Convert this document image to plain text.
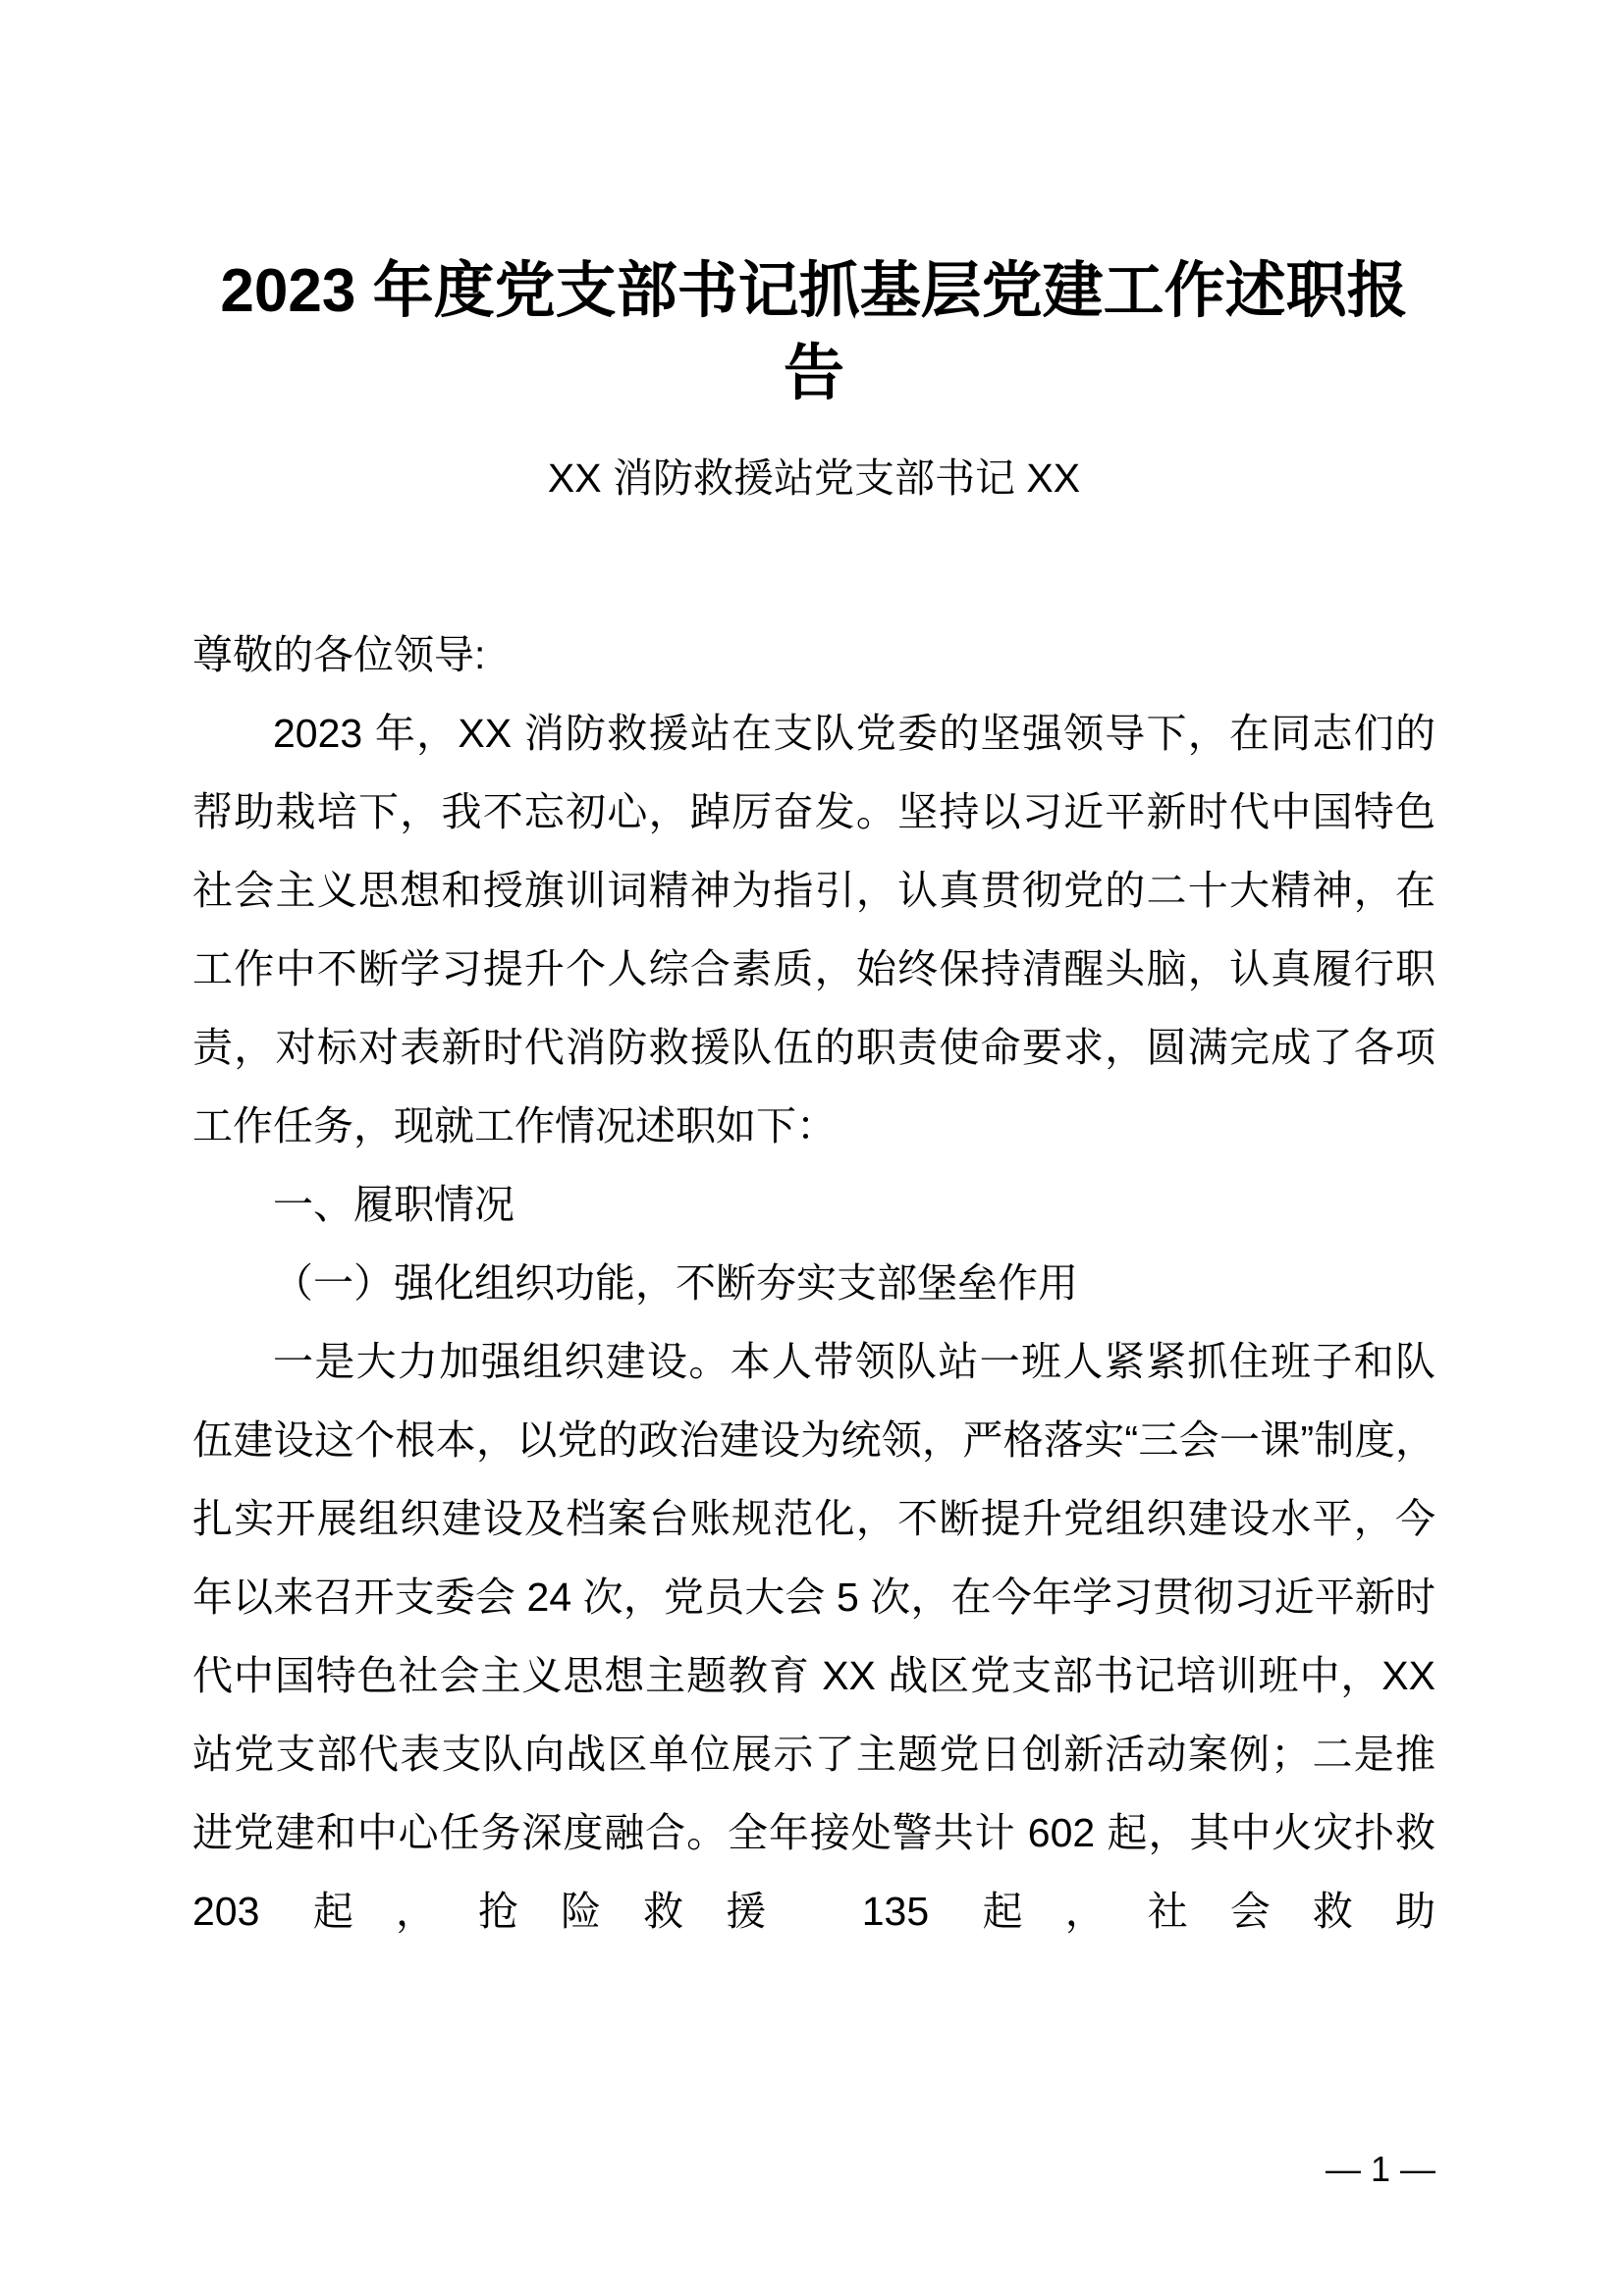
2023 年度党支部书记抓基层党建工作述职报告
XX 消防救援站党支部书记 XX
尊敬的各位领导:

2023 年，XX 消防救援站在支队党委的坚强领导下，在同志们的帮助栽培下，我不忘初心，踔厉奋发。坚持以习近平新时代中国特色社会主义思想和授旗训词精神为指引，认真贯彻党的二十大精神，在工作中不断学习提升个人综合素质，始终保持清醒头脑，认真履行职责，对标对表新时代消防救援队伍的职责使命要求，圆满完成了各项工作任务，现就工作情况述职如下：

一、履职情况

（一）强化组织功能，不断夯实支部堡垒作用

一是大力加强组织建设。本人带领队站一班人紧紧抓住班子和队伍建设这个根本，以党的政治建设为统领，严格落实“三会一课”制度，扎实开展组织建设及档案台账规范化，不断提升党组织建设水平，今年以来召开支委会 24 次，党员大会 5 次，在今年学习贯彻习近平新时代中国特色社会主义思想主题教育 XX 战区党支部书记培训班中，XX 站党支部代表支队向战区单位展示了主题党日创新活动案例；二是推进党建和中心任务深度融合。全年接处警共计 602 起，其中火灾扑救 203 起，抢险救援 135 起，社会救助

— 1 —
